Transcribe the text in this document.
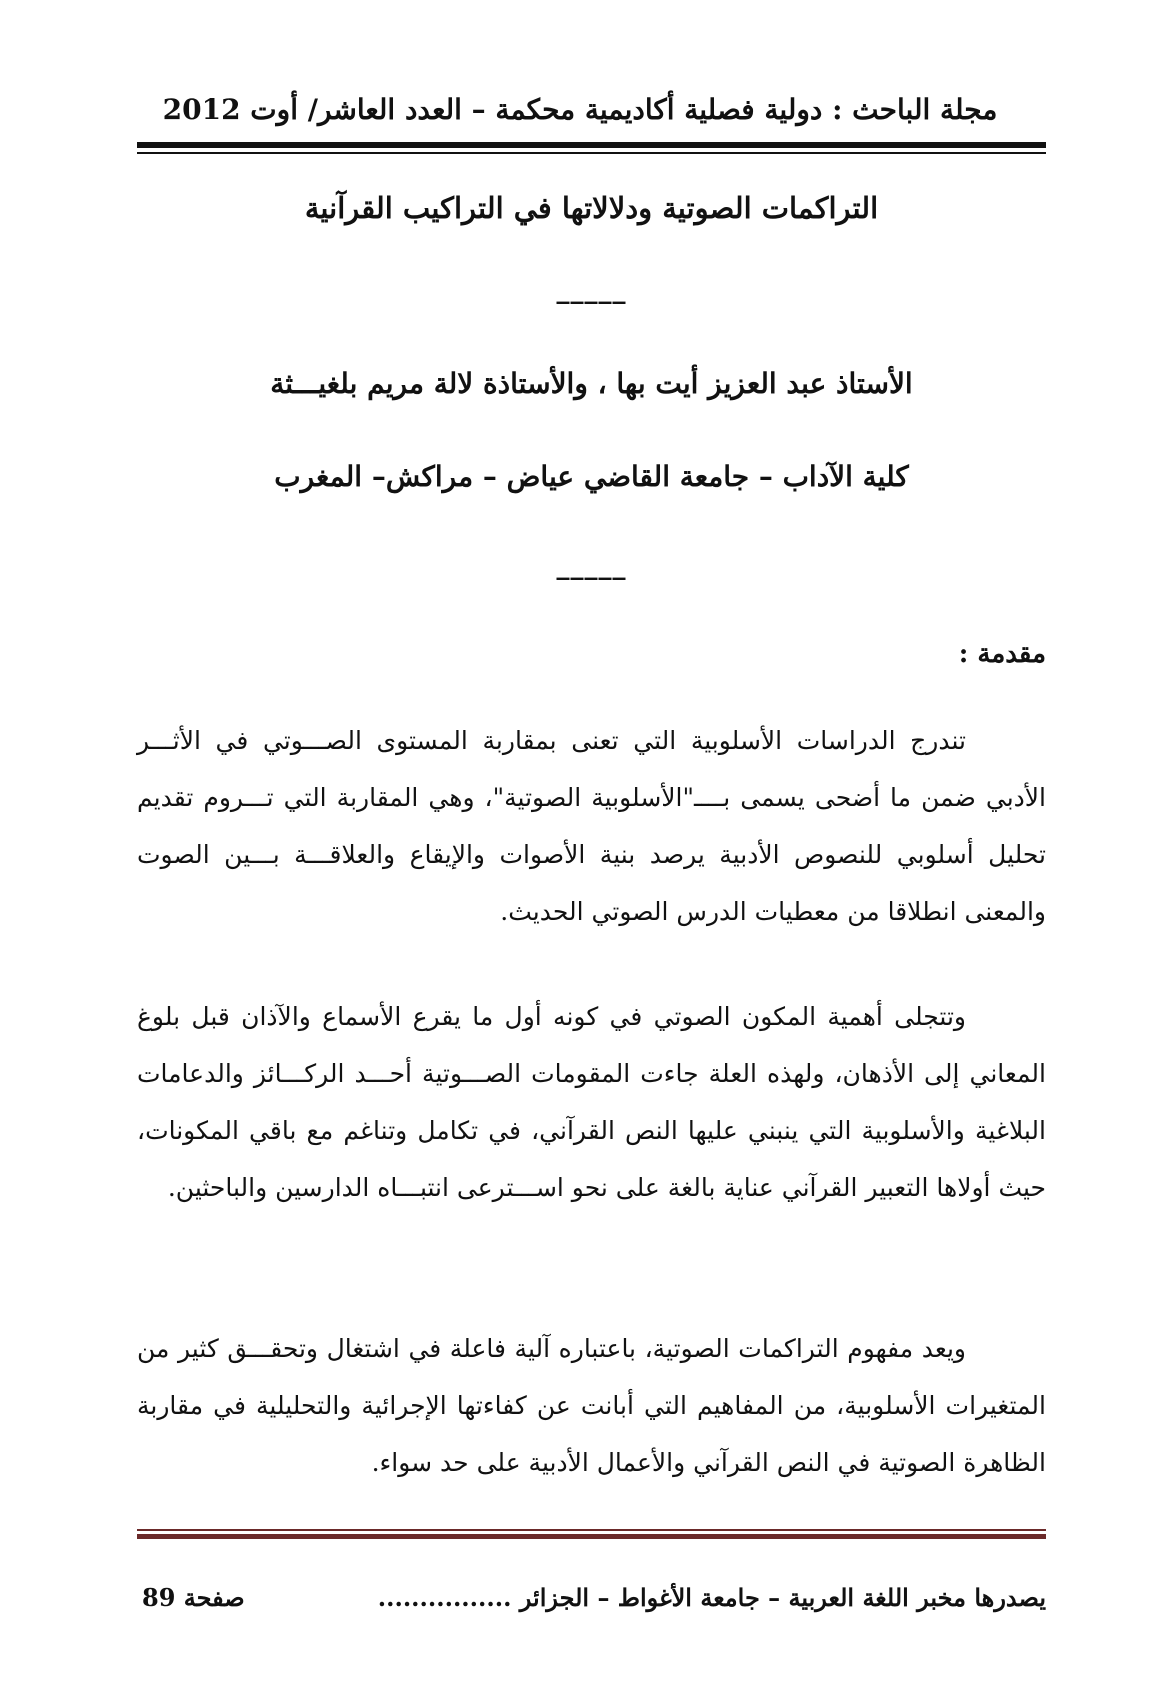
مجلة الباحث : دولية فصلية أكاديمية محكمة – العدد العاشر/ أوت 2012
التراكمات الصوتية ودلالاتها في التراكيب القرآنية
_____
الأستاذ عبد العزيز أيت بها ، والأستاذة لالة مريم بلغيـــثة
كلية الآداب – جامعة القاضي عياض – مراكش– المغرب
_____
مقدمة :

تندرج الدراسات الأسلوبية التي تعنى بمقاربة المستوى الصـــوتي في الأثـــر الأدبي ضمن ما أضحى يسمى بــــ"الأسلوبية الصوتية"، وهي المقاربة التي تـــروم تقديم تحليل أسلوبي للنصوص الأدبية يرصد بنية الأصوات والإيقاع والعلاقـــة بـــين الصوت والمعنى انطلاقا من معطيات الدرس الصوتي الحديث.

وتتجلى أهمية المكون الصوتي في كونه أول ما يقرع الأسماع والآذان قبل بلوغ المعاني إلى الأذهان، ولهذه العلة جاءت المقومات الصـــوتية أحـــد الركـــائز والدعامات البلاغية والأسلوبية التي ينبني عليها النص القرآني، في تكامل وتناغم مع باقي المكونات، حيث أولاها التعبير القرآني عناية بالغة على نحو اســـترعى انتبـــاه الدارسين والباحثين.

ويعد مفهوم التراكمات الصوتية، باعتباره آلية فاعلة في اشتغال وتحقـــق كثير من المتغيرات الأسلوبية، من المفاهيم التي أبانت عن كفاءتها الإجرائية والتحليلية في مقاربة الظاهرة الصوتية في النص القرآني والأعمال الأدبية على حد سواء.

يصدرها مخبر اللغة العربية – جامعة الأغواط – الجزائر ................
صفحة 89
